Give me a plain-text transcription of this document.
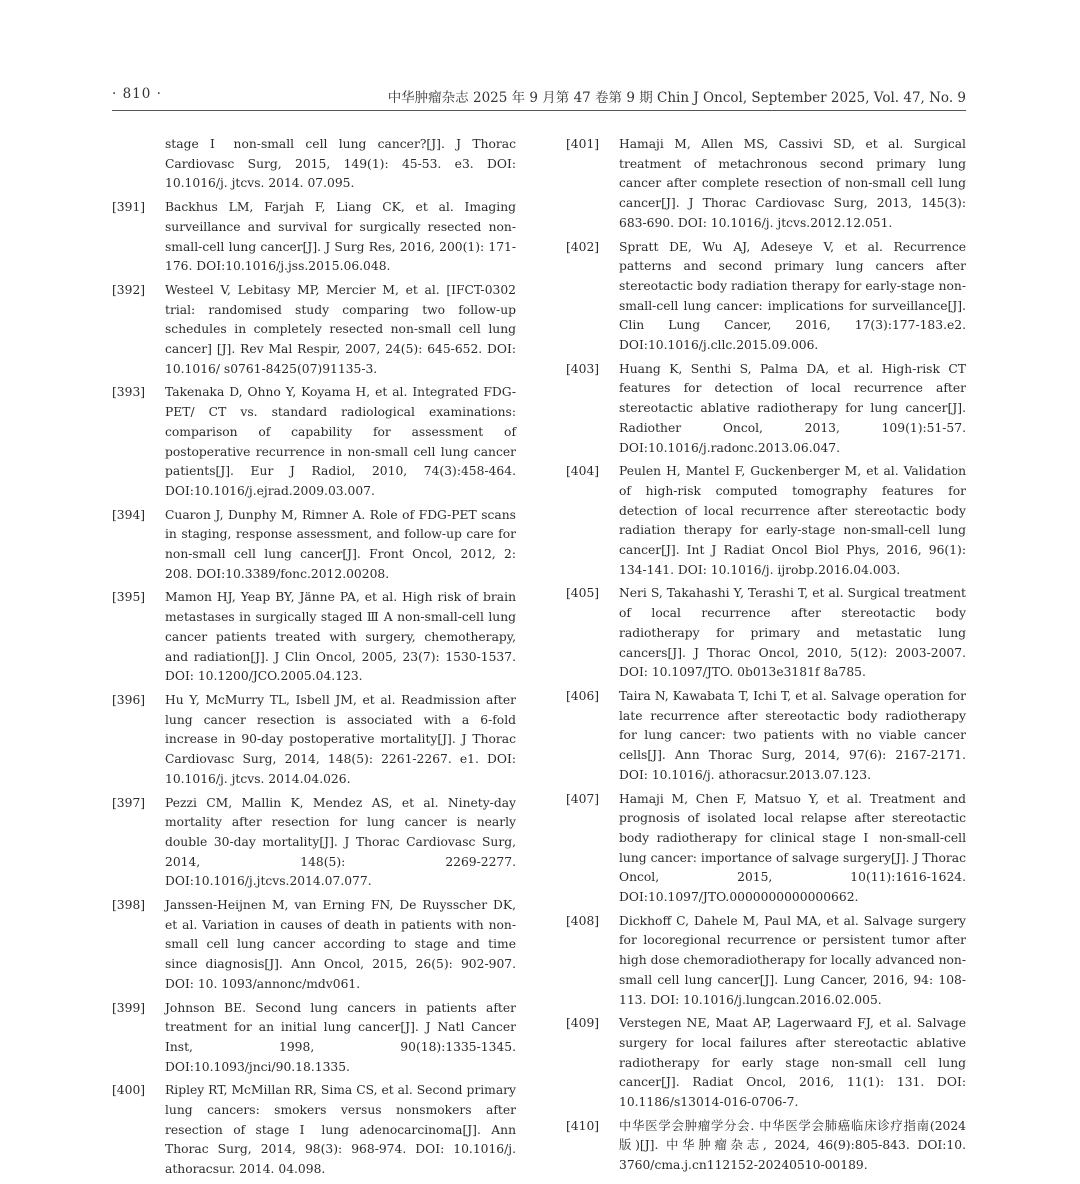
· 810 ·	中华肿瘤杂志 2025 年 9 月第 47 卷第 9 期 Chin J Oncol, September 2025, Vol. 47, No. 9
stage Ⅰ non-small cell lung cancer?[J]. J Thorac Cardiovasc Surg, 2015, 149(1): 45-53. e3. DOI: 10.1016/j. jtcvs. 2014. 07.095.
[391] Backhus LM, Farjah F, Liang CK, et al. Imaging surveillance and survival for surgically resected non-small-cell lung cancer[J]. J Surg Res, 2016, 200(1): 171-176. DOI:10.1016/j.jss.2015.06.048.
[392] Westeel V, Lebitasy MP, Mercier M, et al. [IFCT-0302 trial: randomised study comparing two follow-up schedules in completely resected non-small cell lung cancer] [J]. Rev Mal Respir, 2007, 24(5): 645-652. DOI: 10.1016/ s0761-8425(07)91135-3.
[393] Takenaka D, Ohno Y, Koyama H, et al. Integrated FDG-PET/ CT vs. standard radiological examinations: comparison of capability for assessment of postoperative recurrence in non-small cell lung cancer patients[J]. Eur J Radiol, 2010, 74(3):458-464. DOI:10.1016/j.ejrad.2009.03.007.
[394] Cuaron J, Dunphy M, Rimner A. Role of FDG-PET scans in staging, response assessment, and follow-up care for non-small cell lung cancer[J]. Front Oncol, 2012, 2: 208. DOI:10.3389/fonc.2012.00208.
[395] Mamon HJ, Yeap BY, Jänne PA, et al. High risk of brain metastases in surgically staged Ⅲ A non-small-cell lung cancer patients treated with surgery, chemotherapy, and radiation[J]. J Clin Oncol, 2005, 23(7): 1530-1537. DOI: 10.1200/JCO.2005.04.123.
[396] Hu Y, McMurry TL, Isbell JM, et al. Readmission after lung cancer resection is associated with a 6-fold increase in 90-day postoperative mortality[J]. J Thorac Cardiovasc Surg, 2014, 148(5): 2261-2267. e1. DOI: 10.1016/j. jtcvs. 2014.04.026.
[397] Pezzi CM, Mallin K, Mendez AS, et al. Ninety-day mortality after resection for lung cancer is nearly double 30-day mortality[J]. J Thorac Cardiovasc Surg, 2014, 148(5): 2269-2277. DOI:10.1016/j.jtcvs.2014.07.077.
[398] Janssen-Heijnen M, van Erning FN, De Ruysscher DK, et al. Variation in causes of death in patients with non-small cell lung cancer according to stage and time since diagnosis[J]. Ann Oncol, 2015, 26(5): 902-907. DOI: 10. 1093/annonc/mdv061.
[399] Johnson BE. Second lung cancers in patients after treatment for an initial lung cancer[J]. J Natl Cancer Inst, 1998, 90(18):1335-1345. DOI:10.1093/jnci/90.18.1335.
[400] Ripley RT, McMillan RR, Sima CS, et al. Second primary lung cancers: smokers versus nonsmokers after resection of stage Ⅰ lung adenocarcinoma[J]. Ann Thorac Surg, 2014, 98(3): 968-974. DOI: 10.1016/j. athoracsur. 2014. 04.098.
[401] Hamaji M, Allen MS, Cassivi SD, et al. Surgical treatment of metachronous second primary lung cancer after complete resection of non-small cell lung cancer[J]. J Thorac Cardiovasc Surg, 2013, 145(3): 683-690. DOI: 10.1016/j. jtcvs.2012.12.051.
[402] Spratt DE, Wu AJ, Adeseye V, et al. Recurrence patterns and second primary lung cancers after stereotactic body radiation therapy for early-stage non-small-cell lung cancer: implications for surveillance[J]. Clin Lung Cancer, 2016, 17(3):177-183.e2. DOI:10.1016/j.cllc.2015.09.006.
[403] Huang K, Senthi S, Palma DA, et al. High-risk CT features for detection of local recurrence after stereotactic ablative radiotherapy for lung cancer[J]. Radiother Oncol, 2013, 109(1):51-57. DOI:10.1016/j.radonc.2013.06.047.
[404] Peulen H, Mantel F, Guckenberger M, et al. Validation of high-risk computed tomography features for detection of local recurrence after stereotactic body radiation therapy for early-stage non-small-cell lung cancer[J]. Int J Radiat Oncol Biol Phys, 2016, 96(1): 134-141. DOI: 10.1016/j. ijrobp.2016.04.003.
[405] Neri S, Takahashi Y, Terashi T, et al. Surgical treatment of local recurrence after stereotactic body radiotherapy for primary and metastatic lung cancers[J]. J Thorac Oncol, 2010, 5(12): 2003-2007. DOI: 10.1097/JTO. 0b013e3181f 8a785.
[406] Taira N, Kawabata T, Ichi T, et al. Salvage operation for late recurrence after stereotactic body radiotherapy for lung cancer: two patients with no viable cancer cells[J]. Ann Thorac Surg, 2014, 97(6): 2167-2171. DOI: 10.1016/j. athoracsur.2013.07.123.
[407] Hamaji M, Chen F, Matsuo Y, et al. Treatment and prognosis of isolated local relapse after stereotactic body radiotherapy for clinical stage Ⅰ non-small-cell lung cancer: importance of salvage surgery[J]. J Thorac Oncol, 2015, 10(11):1616-1624. DOI:10.1097/JTO.0000000000000662.
[408] Dickhoff C, Dahele M, Paul MA, et al. Salvage surgery for locoregional recurrence or persistent tumor after high dose chemoradiotherapy for locally advanced non-small cell lung cancer[J]. Lung Cancer, 2016, 94: 108-113. DOI: 10.1016/j.lungcan.2016.02.005.
[409] Verstegen NE, Maat AP, Lagerwaard FJ, et al. Salvage surgery for local failures after stereotactic ablative radiotherapy for early stage non-small cell lung cancer[J]. Radiat Oncol, 2016, 11(1): 131. DOI: 10.1186/s13014-016-0706-7.
[410] 中华医学会肿瘤学分会. 中华医学会肺癌临床诊疗指南(2024 版)[J]. 中华肿瘤杂志, 2024, 46(9):805-843. DOI:10. 3760/cma.j.cn112152-20240510-00189.
